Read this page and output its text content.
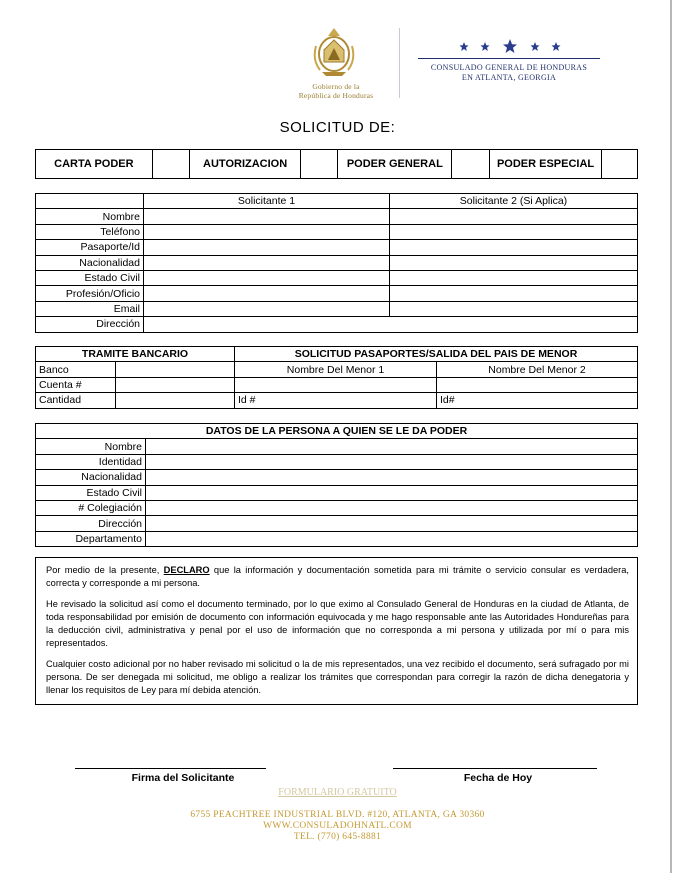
Gobierno de la
República de Honduras
CONSULADO GENERAL DE HONDURAS
EN ATLANTA, GEORGIA
SOLICITUD DE:
CARTA PODER		AUTORIZACION		PODER GENERAL		PODER ESPECIAL	
	Solicitante 1	Solicitante 2 (Si Aplica)
Nombre		
Teléfono		
Pasaporte/Id		
Nacionalidad		
Estado Civil		
Profesión/Oficio		
Email		
Dirección		
TRAMITE BANCARIO		SOLICITUD PASAPORTES/SALIDA DEL PAIS DE MENOR	
Banco		Nombre Del Menor 1	Nombre Del Menor 2
Cuenta #			
Cantidad		Id #	Id#
DATOS DE LA PERSONA A QUIEN SE LE DA PODER	
Nombre	
Identidad	
Nacionalidad	
Estado Civil	
# Colegiación	
Dirección	
Departamento	

Por medio de la presente, DECLARO que la información y documentación sometida para mi trámite o servicio consular es verdadera, correcta y corresponde a mi persona.

He revisado la solicitud así como el documento terminado, por lo que eximo al Consulado General de Honduras en la ciudad de Atlanta, de toda responsabilidad por emisión de documento con información equivocada y me hago responsable ante las Autoridades Hondureñas para la deducción civil, administrativa y penal por el uso de información que no corresponda a mi persona y utilizada por mí o para mis representados.

Cualquier costo adicional por no haber revisado mi solicitud o la de mis representados, una vez recibido el documento, será sufragado por mi persona. De ser denegada mi solicitud, me obligo a realizar los trámites que correspondan para corregir la razón de dicha denegatoria y llenar los requisitos de Ley para mí debida atención.

Firma del Solicitante	Fecha de Hoy
FORMULARIO GRATUITO
6755 PEACHTREE INDUSTRIAL BLVD. #120, ATLANTA, GA 30360
WWW.CONSULADOHNATL.COM
TEL. (770) 645-8881
